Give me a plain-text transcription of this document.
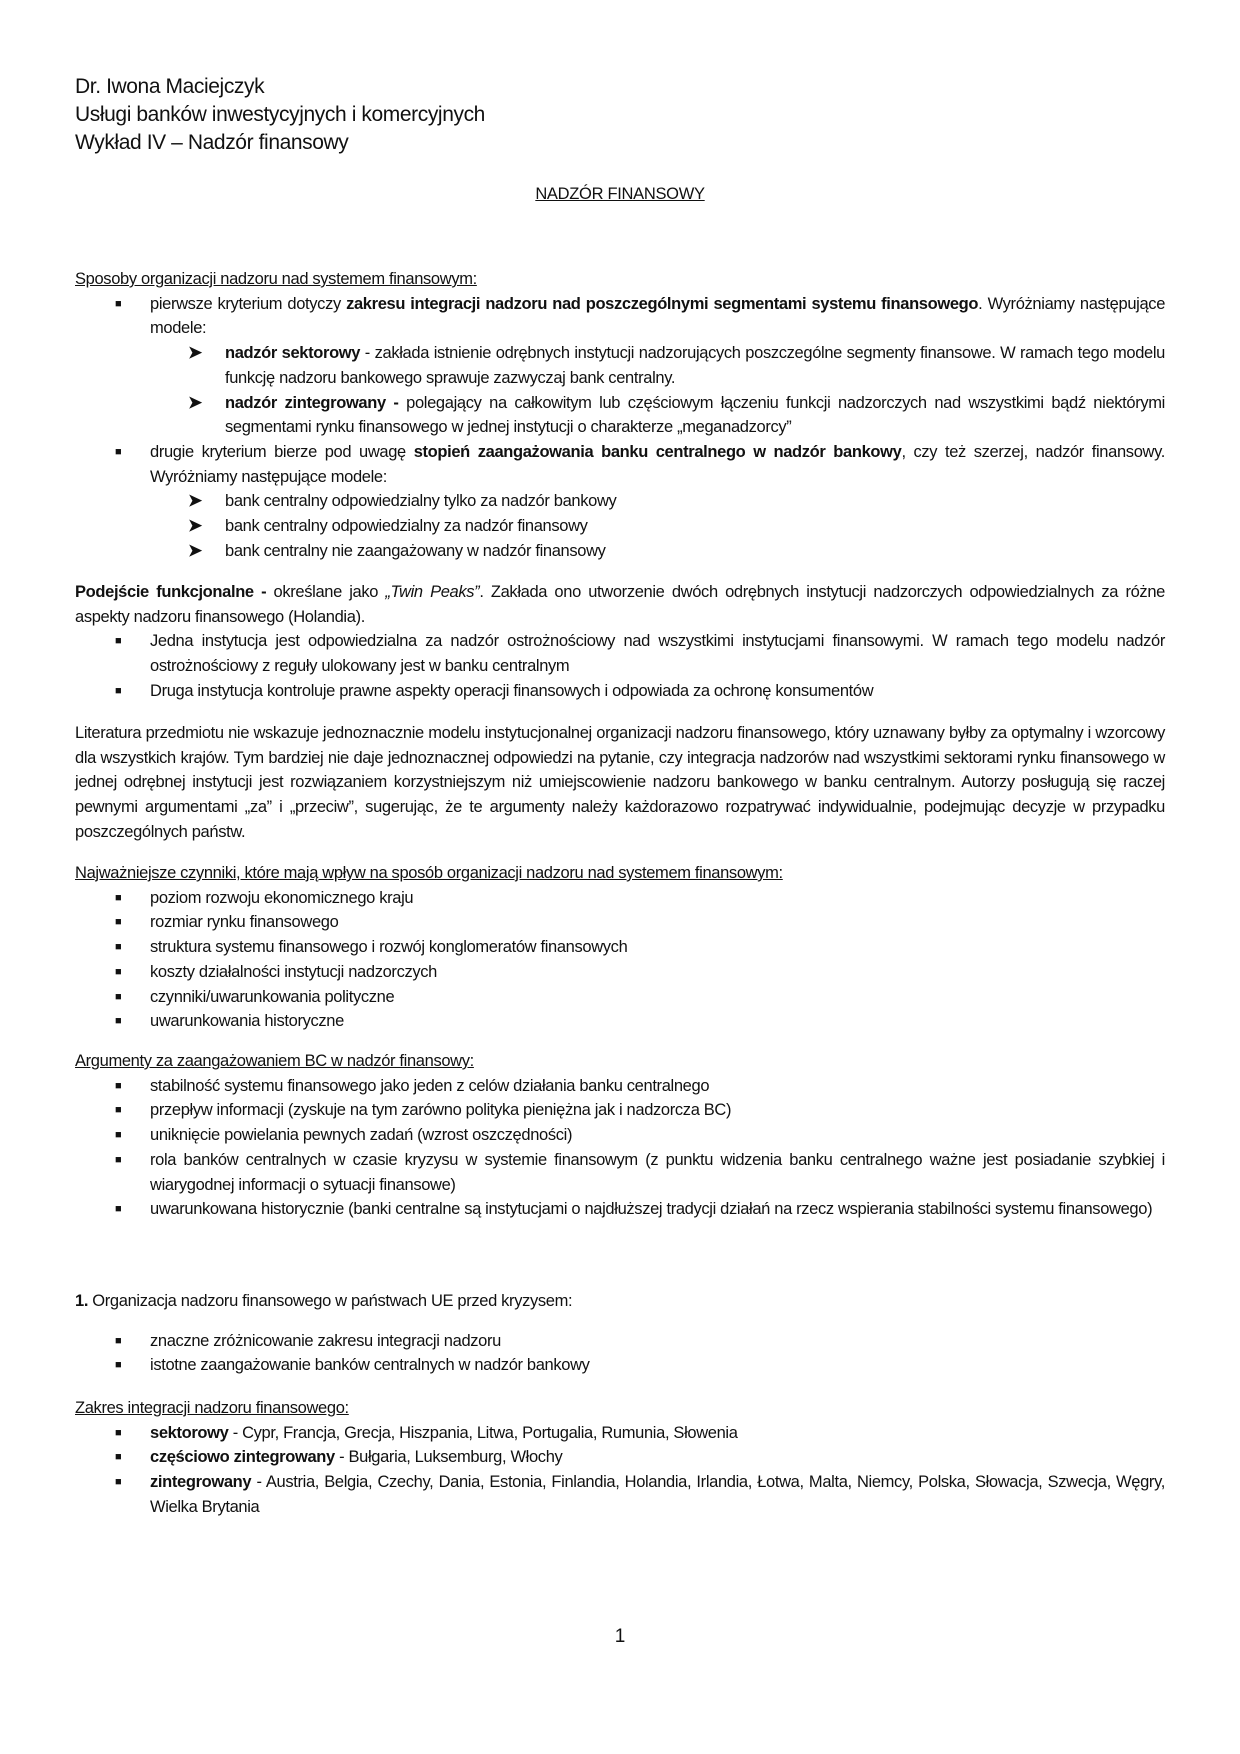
Dr. Iwona Maciejczyk
Usługi banków inwestycyjnych i komercyjnych
Wykład IV – Nadzór finansowy
NADZÓR FINANSOWY
Sposoby organizacji nadzoru nad systemem finansowym:
■ pierwsze kryterium dotyczy zakresu integracji nadzoru nad poszczególnymi segmentami systemu finansowego. Wyróżniamy następujące modele:
➤ nadzór sektorowy - zakłada istnienie odrębnych instytucji nadzorujących poszczególne segmenty finansowe. W ramach tego modelu funkcję nadzoru bankowego sprawuje zazwyczaj bank centralny.
➤ nadzór zintegrowany - polegający na całkowitym lub częściowym łączeniu funkcji nadzorczych nad wszystkimi bądź niektórymi segmentami rynku finansowego w jednej instytucji o charakterze „meganadzorcy”
■ drugie kryterium bierze pod uwagę stopień zaangażowania banku centralnego w nadzór bankowy, czy też szerzej, nadzór finansowy. Wyróżniamy następujące modele:
➤ bank centralny odpowiedzialny tylko za nadzór bankowy
➤ bank centralny odpowiedzialny za nadzór finansowy
➤ bank centralny nie zaangażowany w nadzór finansowy
Podejście funkcjonalne - określane jako „Twin Peaks”. Zakłada ono utworzenie dwóch odrębnych instytucji nadzorczych odpowiedzialnych za różne aspekty nadzoru finansowego (Holandia).
■ Jedna instytucja jest odpowiedzialna za nadzór ostrożnościowy nad wszystkimi instytucjami finansowymi. W ramach tego modelu nadzór ostrożnościowy z reguły ulokowany jest w banku centralnym
■ Druga instytucja kontroluje prawne aspekty operacji finansowych i odpowiada za ochronę konsumentów
Literatura przedmiotu nie wskazuje jednoznacznie modelu instytucjonalnej organizacji nadzoru finansowego, który uznawany byłby za optymalny i wzorcowy dla wszystkich krajów. Tym bardziej nie daje jednoznacznej odpowiedzi na pytanie, czy integracja nadzorów nad wszystkimi sektorami rynku finansowego w jednej odrębnej instytucji jest rozwiązaniem korzystniejszym niż umiejscowienie nadzoru bankowego w banku centralnym. Autorzy posługują się raczej pewnymi argumentami „za” i „przeciw”, sugerując, że te argumenty należy każdorazowo rozpatrywać indywidualnie, podejmując decyzje w przypadku poszczególnych państw.
Najważniejsze czynniki, które mają wpływ na sposób organizacji nadzoru nad systemem finansowym:
■ poziom rozwoju ekonomicznego kraju
■ rozmiar rynku finansowego
■ struktura systemu finansowego i rozwój konglomeratów finansowych
■ koszty działalności instytucji nadzorczych
■ czynniki/uwarunkowania polityczne
■ uwarunkowania historyczne
Argumenty za zaangażowaniem BC w nadzór finansowy:
■ stabilność systemu finansowego jako jeden z celów działania banku centralnego
■ przepływ informacji (zyskuje na tym zarówno polityka pieniężna jak i nadzorcza BC)
■ uniknięcie powielania pewnych zadań (wzrost oszczędności)
■ rola banków centralnych w czasie kryzysu w systemie finansowym (z punktu widzenia banku centralnego ważne jest posiadanie szybkiej i wiarygodnej informacji o sytuacji finansowe)
■ uwarunkowana historycznie (banki centralne są instytucjami o najdłuższej tradycji działań na rzecz wspierania stabilności systemu finansowego)
1. Organizacja nadzoru finansowego w państwach UE przed kryzysem:
■ znaczne zróżnicowanie zakresu integracji nadzoru
■ istotne zaangażowanie banków centralnych w nadzór bankowy
Zakres integracji nadzoru finansowego:
■ sektorowy - Cypr, Francja, Grecja, Hiszpania, Litwa, Portugalia, Rumunia, Słowenia
■ częściowo zintegrowany - Bułgaria, Luksemburg, Włochy
■ zintegrowany - Austria, Belgia, Czechy, Dania, Estonia, Finlandia, Holandia, Irlandia, Łotwa, Malta, Niemcy, Polska, Słowacja, Szwecja, Węgry, Wielka Brytania
1
